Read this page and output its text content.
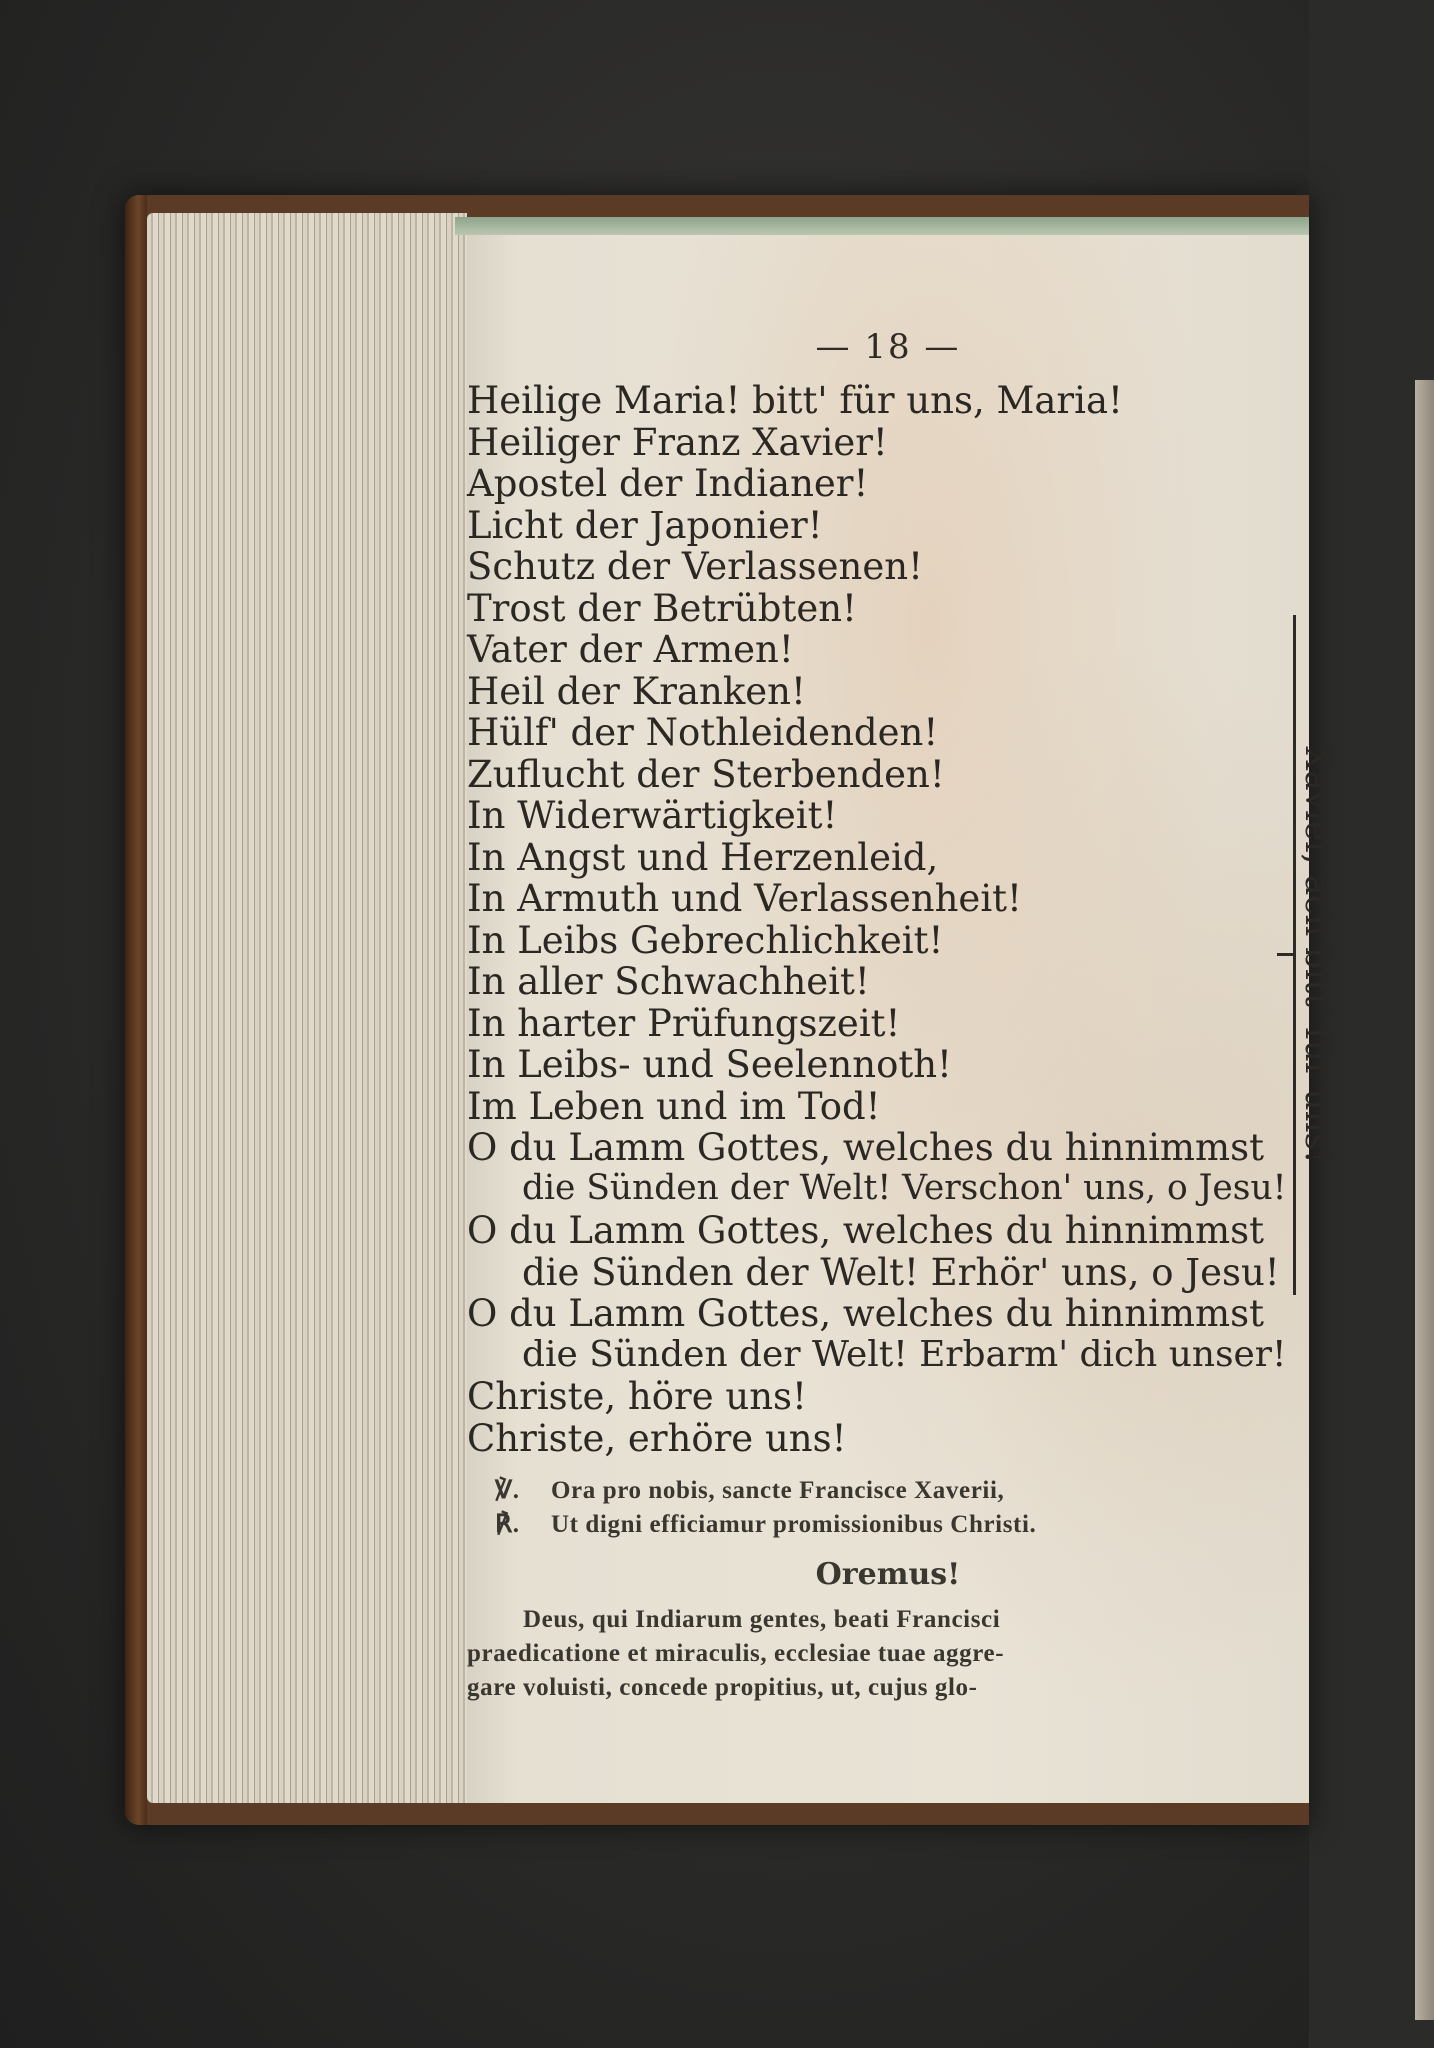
— 18 —
Heilige Maria! bitt' für uns, Maria!
Heiliger Franz Xavier!
Apostel der Indianer!
Licht der Japonier!
Schutz der Verlassenen!
Trost der Betrübten!
Vater der Armen!
Heil der Kranken!
Hülf' der Nothleidenden!
Zuflucht der Sterbenden!
In Widerwärtigkeit!
In Angst und Herzenleid,
In Armuth und Verlassenheit!
In Leibs Gebrechlichkeit!
In aller Schwachheit!
In harter Prüfungszeit!
In Leibs- und Seelennoth!
Im Leben und im Tod!
O du Lamm Gottes, welches du hinnimmst
die Sünden der Welt! Verschon' uns, o Jesu!
O du Lamm Gottes, welches du hinnimmst
die Sünden der Welt! Erhör' uns, o Jesu!
O du Lamm Gottes, welches du hinnimmst
die Sünden der Welt! Erbarm' dich unser!
Christe, höre uns!
Christe, erhöre uns!
Xavier, ach bitt' für uns!
℣. Ora pro nobis, sancte Francisce Xaverii,
℟. Ut digni efficiamur promissionibus Christi.
Oremus!
Deus, qui Indiarum gentes, beati Francisci
praedicatione et miraculis, ecclesiae tuae aggre-
gare voluisti, concede propitius, ut, cujus glo-
